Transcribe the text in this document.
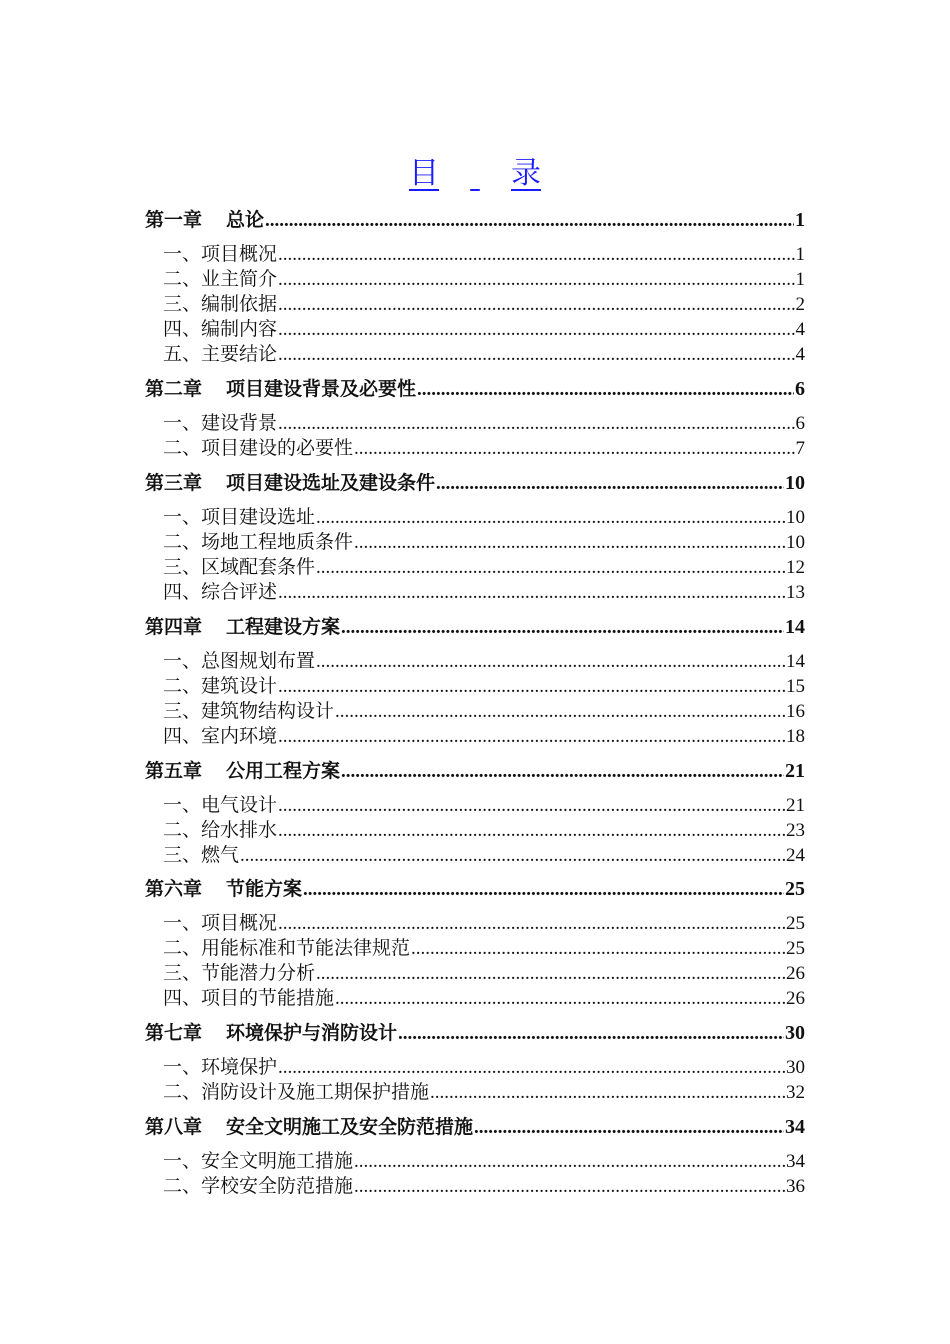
目 录
第一章 总论 .....	1
一、项目概况 .....	1
二、业主简介 .....	1
三、编制依据 .....	2
四、编制内容 .....	4
五、主要结论 .....	4
第二章 项目建设背景及必要性 .....	6
一、建设背景 .....	6
二、项目建设的必要性 .....	7
第三章 项目建设选址及建设条件 .....	10
一、项目建设选址 .....	10
二、场地工程地质条件 .....	10
三、区域配套条件 .....	12
四、综合评述 .....	13
第四章 工程建设方案 .....	14
一、总图规划布置 .....	14
二、建筑设计 .....	15
三、建筑物结构设计 .....	16
四、室内环境 .....	18
第五章 公用工程方案 .....	21
一、电气设计 .....	21
二、给水排水 .....	23
三、燃气 .....	24
第六章 节能方案 .....	25
一、项目概况 .....	25
二、用能标准和节能法律规范 .....	25
三、节能潜力分析 .....	26
四、项目的节能措施 .....	26
第七章 环境保护与消防设计 .....	30
一、环境保护 .....	30
二、消防设计及施工期保护措施 .....	32
第八章 安全文明施工及安全防范措施 .....	34
一、安全文明施工措施 .....	34
二、学校安全防范措施 .....	36
